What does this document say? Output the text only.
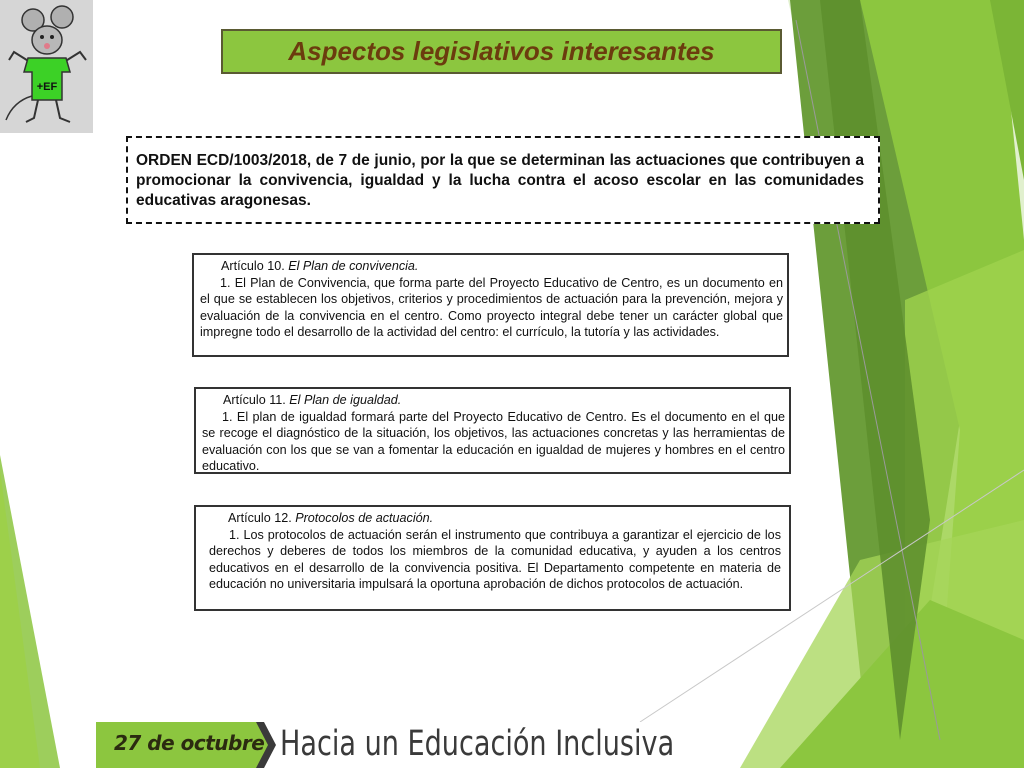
+EF
Aspectos legislativos interesantes

ORDEN ECD/1003/2018, de 7 de junio, por la que se determinan las actuaciones que contribuyen a promocionar la convivencia, igualdad y la lucha contra el acoso escolar en las comunidades educativas aragonesas.

Artículo 10. El Plan de convivencia.

1. El Plan de Convivencia, que forma parte del Proyecto Educativo de Centro, es un documento en el que se establecen los objetivos, criterios y procedimientos de actuación para la prevención, mejora y evaluación de la convivencia en el centro. Como proyecto integral debe tener un carácter global que impregne todo el desarrollo de la actividad del centro: el currículo, la tutoría y las actividades.

Artículo 11. El Plan de igualdad.

1. El plan de igualdad formará parte del Proyecto Educativo de Centro. Es el documento en el que se recoge el diagnóstico de la situación, los objetivos, las actuaciones concretas y las herramientas de evaluación con los que se van a fomentar la educación en igualdad de mujeres y hombres en el centro educativo.

Artículo 12. Protocolos de actuación.

1. Los protocolos de actuación serán el instrumento que contribuya a garantizar el ejercicio de los derechos y deberes de todos los miembros de la comunidad educativa, y ayuden a los centros educativos en el desarrollo de la convivencia positiva. El Departamento competente en materia de educación no universitaria impulsará la oportuna aprobación de dichos protocolos de actuación.

27 de octubre Hacia un Educación Inclusiva
